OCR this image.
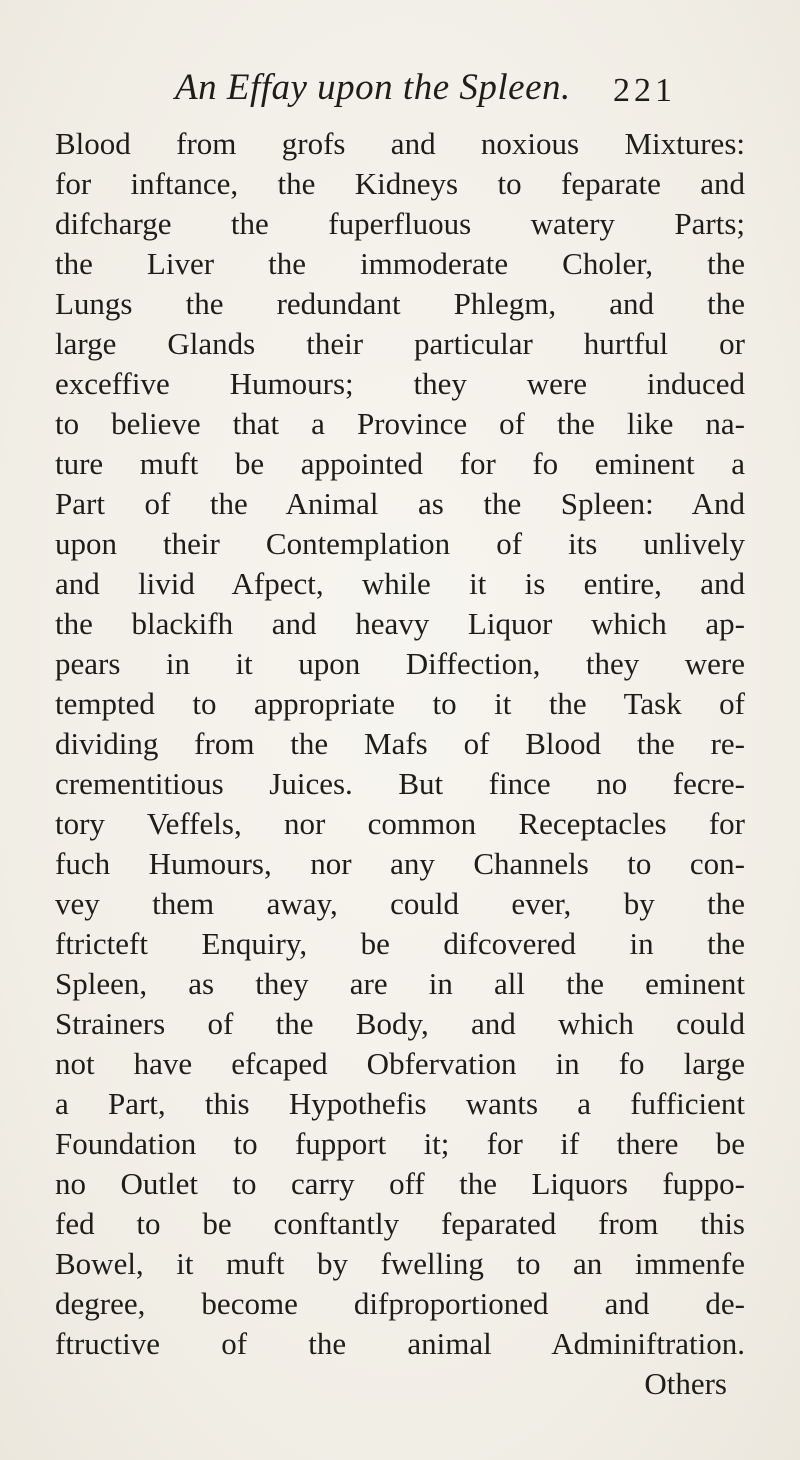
An Effay upon the Spleen. 221
Blood from grofs and noxious Mixtures:
for inftance, the Kidneys to feparate and
difcharge the fuperfluous watery Parts;
the Liver the immoderate Choler, the
Lungs the redundant Phlegm, and the
large Glands their particular hurtful or
exceffive Humours; they were induced
to believe that a Province of the like na-
ture muft be appointed for fo eminent a
Part of the Animal as the Spleen: And
upon their Contemplation of its unlively
and livid Afpect, while it is entire, and
the blackifh and heavy Liquor which ap-
pears in it upon Diffection, they were
tempted to appropriate to it the Task of
dividing from the Mafs of Blood the re-
crementitious Juices. But fince no fecre-
tory Veffels, nor common Receptacles for
fuch Humours, nor any Channels to con-
vey them away, could ever, by the
ftricteft Enquiry, be difcovered in the
Spleen, as they are in all the eminent
Strainers of the Body, and which could
not have efcaped Obfervation in fo large
a Part, this Hypothefis wants a fufficient
Foundation to fupport it; for if there be
no Outlet to carry off the Liquors fuppo-
fed to be conftantly feparated from this
Bowel, it muft by fwelling to an immenfe
degree, become difproportioned and de-
ftructive of the animal Adminiftration.
Others
